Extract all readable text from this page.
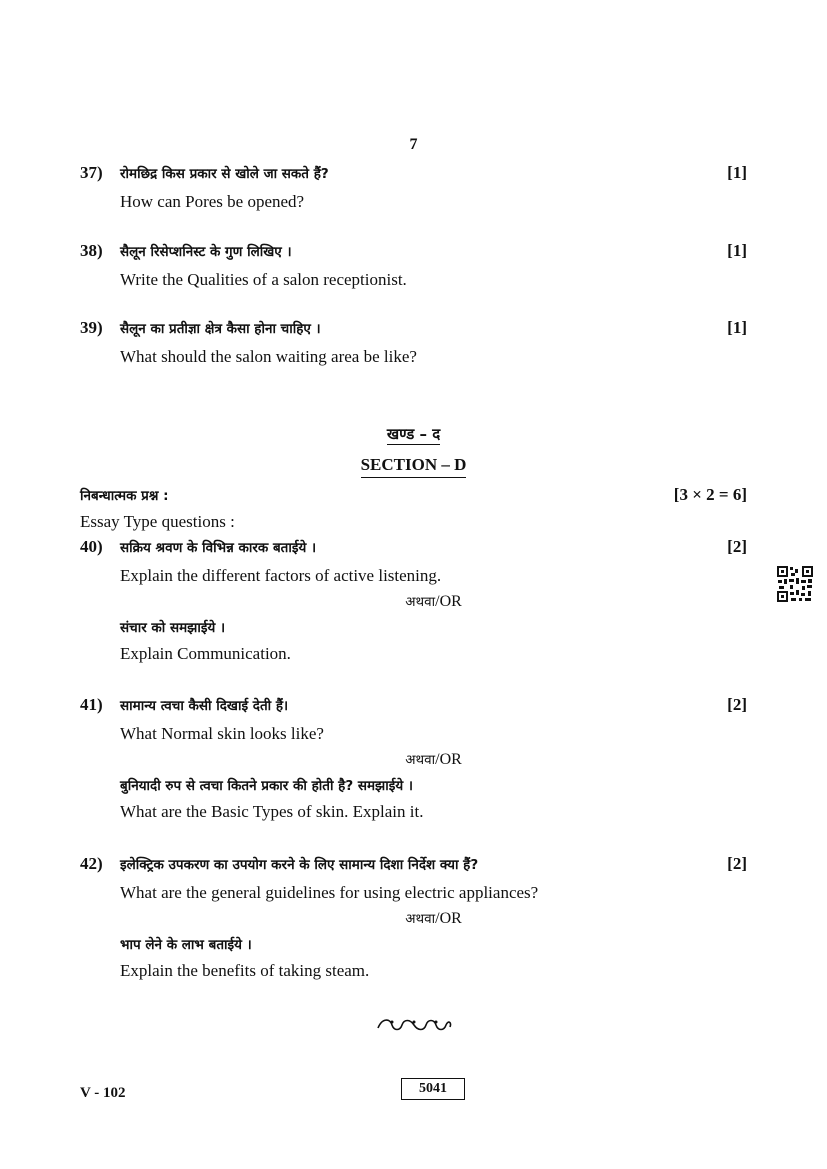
7
37) रोमछिद्र किस प्रकार से खोले जा सकते हैं?	[1]
How can Pores be opened?
38) सैलून रिसेप्शनिस्ट के गुण लिखिए ।	[1]
Write the Qualities of a salon receptionist.
39) सैलून का प्रतीज्ञा क्षेत्र कैसा होना चाहिए ।	[1]
What should the salon waiting area be like?
खण्ड – द
SECTION – D
निबन्धात्मक प्रश्न :	[3 × 2 = 6]
Essay Type questions :
40) सक्रिय श्रवण के विभिन्न कारक बताईये ।	[2]
Explain the different factors of active listening.
अथवा/OR
संचार को समझाईये ।
Explain Communication.
41) सामान्य त्वचा कैसी दिखाई देती हैं।	[2]
What Normal skin looks like?
अथवा/OR
बुनियादी रुप से त्वचा कितने प्रकार की होती है? समझाईये ।
What are the Basic Types of skin. Explain it.
42) इलेक्ट्रिक उपकरण का उपयोग करने के लिए सामान्य दिशा निर्देश क्या हैं?	[2]
What are the general guidelines for using electric appliances?
अथवा/OR
भाप लेने के लाभ बताईये ।
Explain the benefits of taking steam.
V - 102	5041
